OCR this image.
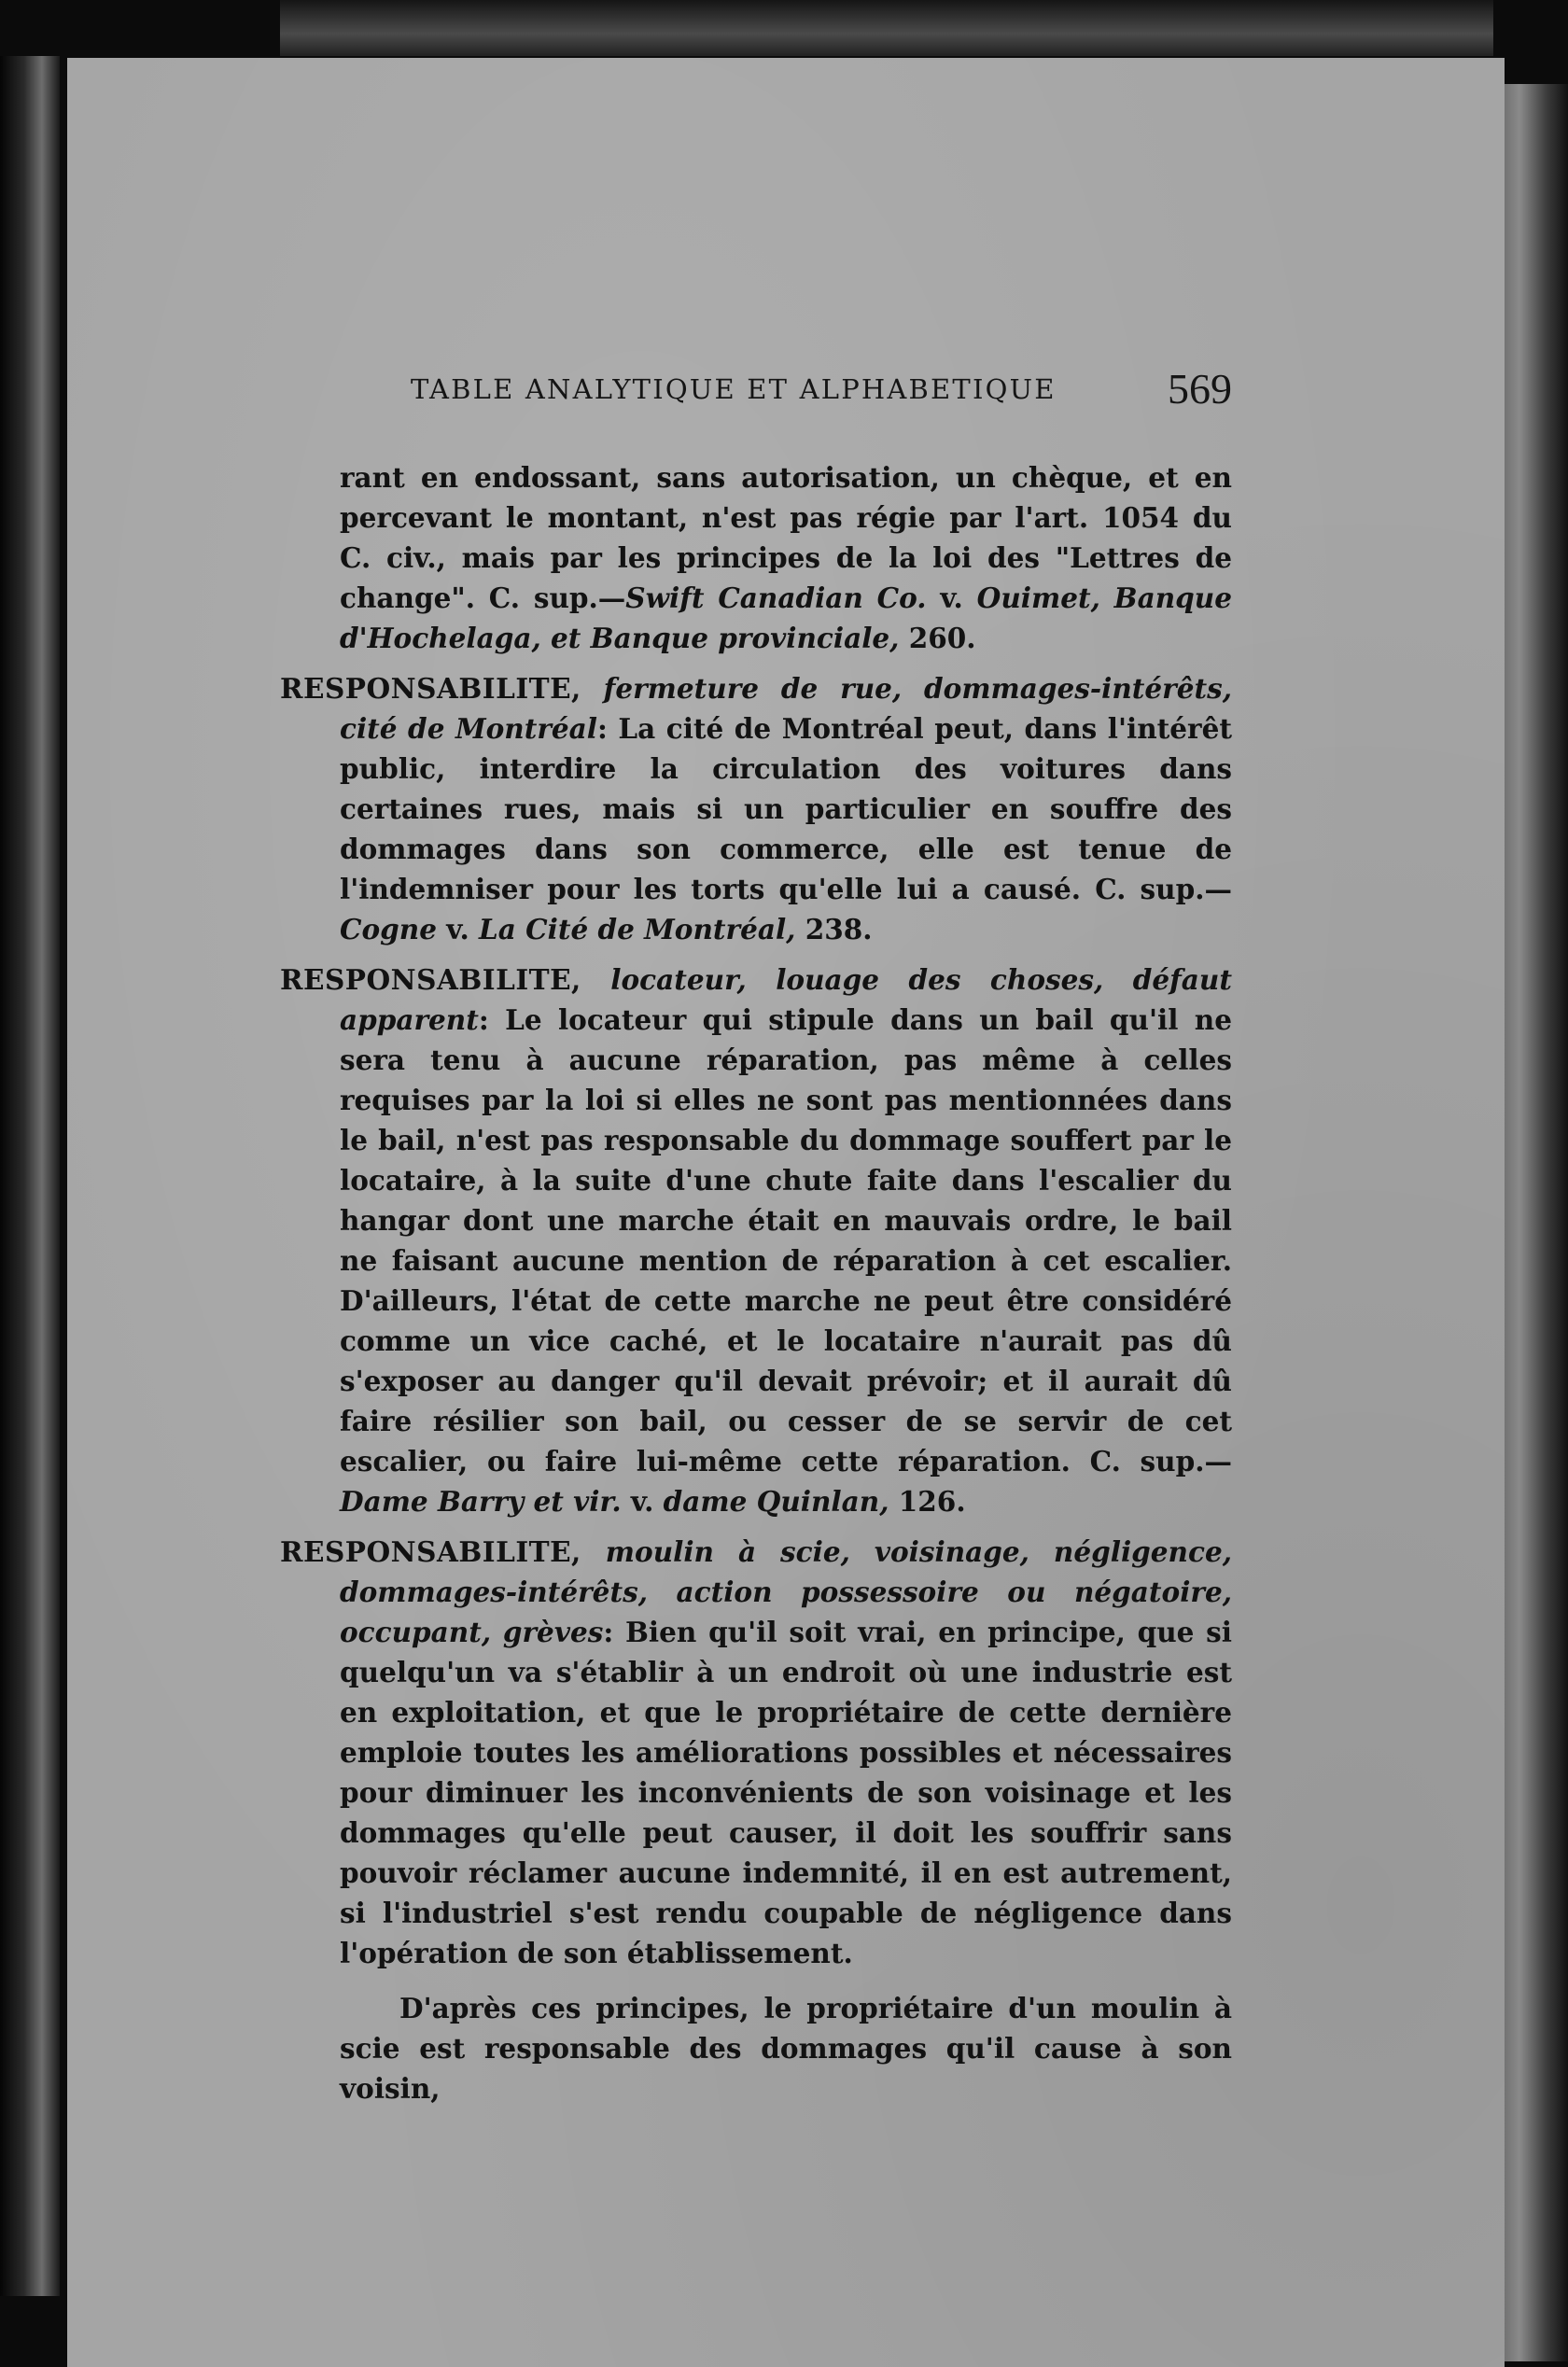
TABLE ANALYTIQUE ET ALPHABETIQUE	569

rant en endossant, sans autorisation, un chèque, et en percevant le montant, n'est pas régie par l'art. 1054 du C. civ., mais par les principes de la loi des "Lettres de change". C. sup.—Swift Canadian Co. v. Ouimet, Banque d'Hochelaga, et Banque provinciale, 260.

RESPONSABILITE, fermeture de rue, dommages-intérêts, cité de Montréal: La cité de Montréal peut, dans l'intérêt public, interdire la circulation des voitures dans certaines rues, mais si un particulier en souffre des dommages dans son commerce, elle est tenue de l'indemniser pour les torts qu'elle lui a causé. C. sup.—Cogne v. La Cité de Montréal, 238.

RESPONSABILITE, locateur, louage des choses, défaut apparent: Le locateur qui stipule dans un bail qu'il ne sera tenu à aucune réparation, pas même à celles requises par la loi si elles ne sont pas mentionnées dans le bail, n'est pas responsable du dommage souffert par le locataire, à la suite d'une chute faite dans l'escalier du hangar dont une marche était en mauvais ordre, le bail ne faisant aucune mention de réparation à cet escalier. D'ailleurs, l'état de cette marche ne peut être considéré comme un vice caché, et le locataire n'aurait pas dû s'exposer au danger qu'il devait prévoir; et il aurait dû faire résilier son bail, ou cesser de se servir de cet escalier, ou faire lui-même cette réparation. C. sup.—Dame Barry et vir. v. dame Quinlan, 126.

RESPONSABILITE, moulin à scie, voisinage, négligence, dommages-intérêts, action possessoire ou négatoire, occupant, grèves: Bien qu'il soit vrai, en principe, que si quelqu'un va s'établir à un endroit où une industrie est en exploitation, et que le propriétaire de cette dernière emploie toutes les améliorations possibles et nécessaires pour diminuer les inconvénients de son voisinage et les dommages qu'elle peut causer, il doit les souffrir sans pouvoir réclamer aucune indemnité, il en est autrement, si l'industriel s'est rendu coupable de négligence dans l'opération de son établissement.

D'après ces principes, le propriétaire d'un moulin à scie est responsable des dommages qu'il cause à son voisin,
